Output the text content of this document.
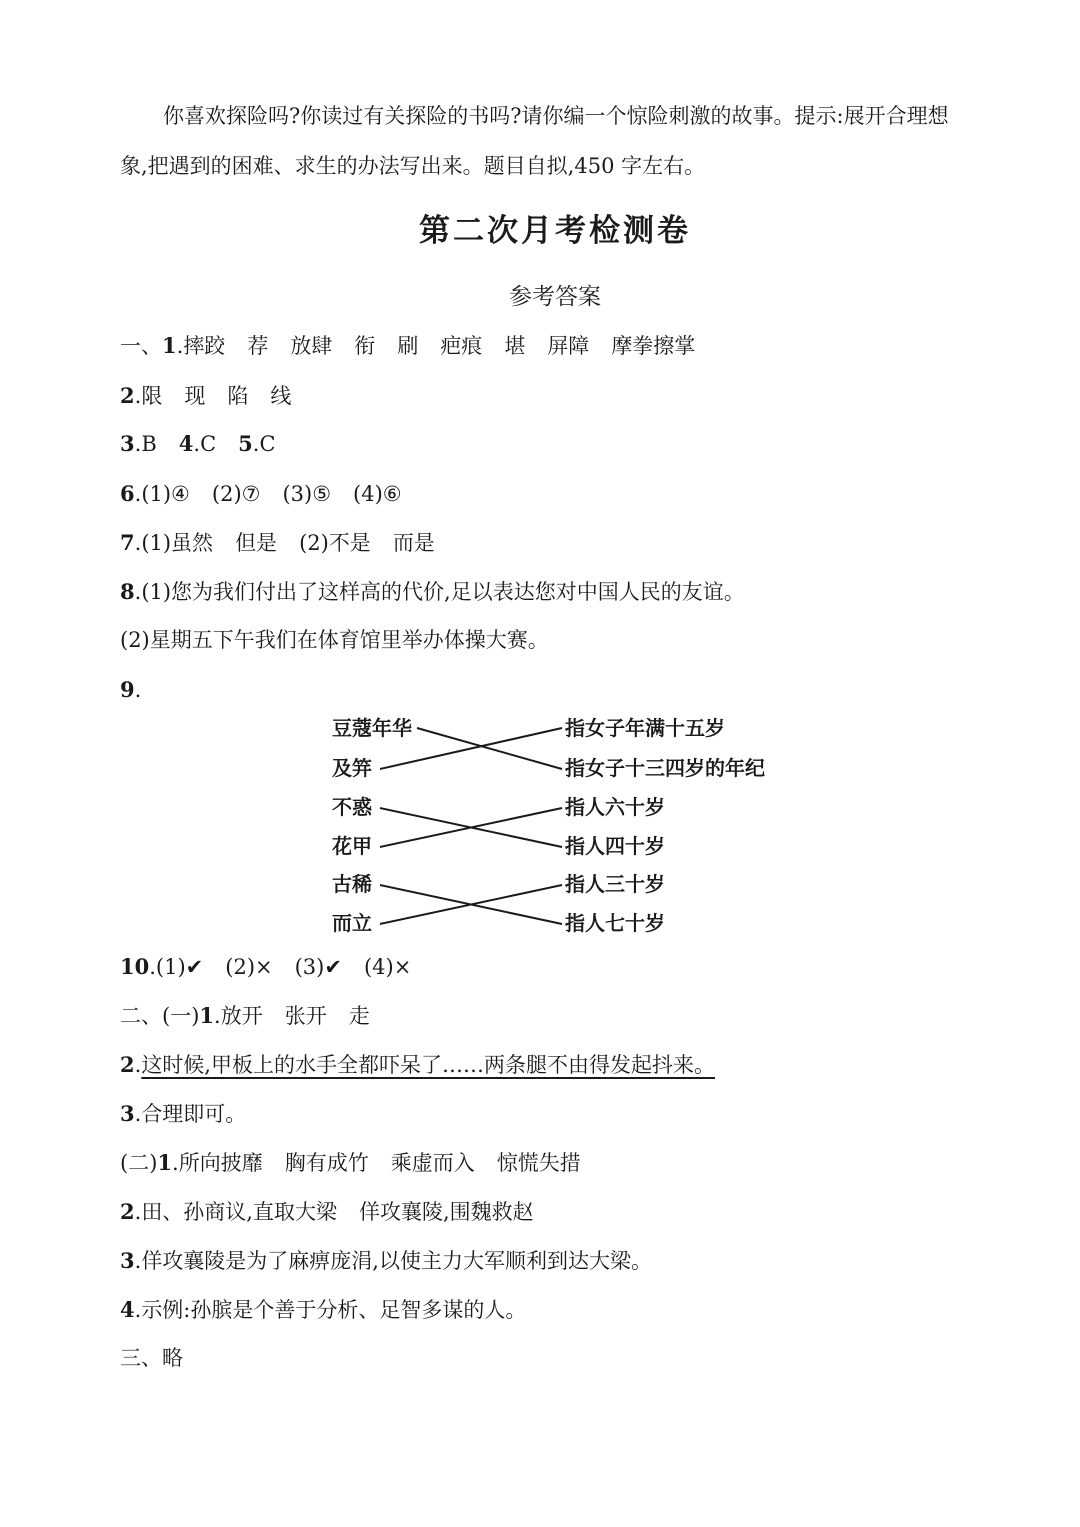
你喜欢探险吗?你读过有关探险的书吗?请你编一个惊险刺激的故事。提示:展开合理想
象,把遇到的困难、求生的办法写出来。题目自拟,450 字左右。
第二次月考检测卷
参考答案
一、1.摔跤 荐 放肆 衔 刷 疤痕 堪 屏障 摩拳擦掌
2.限 现 陷 线
3.B 4.C 5.C
6.(1)④ (2)⑦ (3)⑤ (4)⑥
7.(1)虽然 但是 (2)不是 而是
8.(1)您为我们付出了这样高的代价,足以表达您对中国人民的友谊。
(2)星期五下午我们在体育馆里举办体操大赛。
9.
豆蔻年华
及笄
不惑
花甲
古稀
而立
指女子年满十五岁
指女子十三四岁的年纪
指人六十岁
指人四十岁
指人三十岁
指人七十岁
10.(1)✔ (2)× (3)✔ (4)×
二、(一)1.放开 张开 走
2.这时候,甲板上的水手全都吓呆了……两条腿不由得发起抖来。
3.合理即可。
(二)1.所向披靡 胸有成竹 乘虚而入 惊慌失措
2.田、孙商议,直取大梁 佯攻襄陵,围魏救赵
3.佯攻襄陵是为了麻痹庞涓,以使主力大军顺利到达大梁。
4.示例:孙膑是个善于分析、足智多谋的人。
三、略
